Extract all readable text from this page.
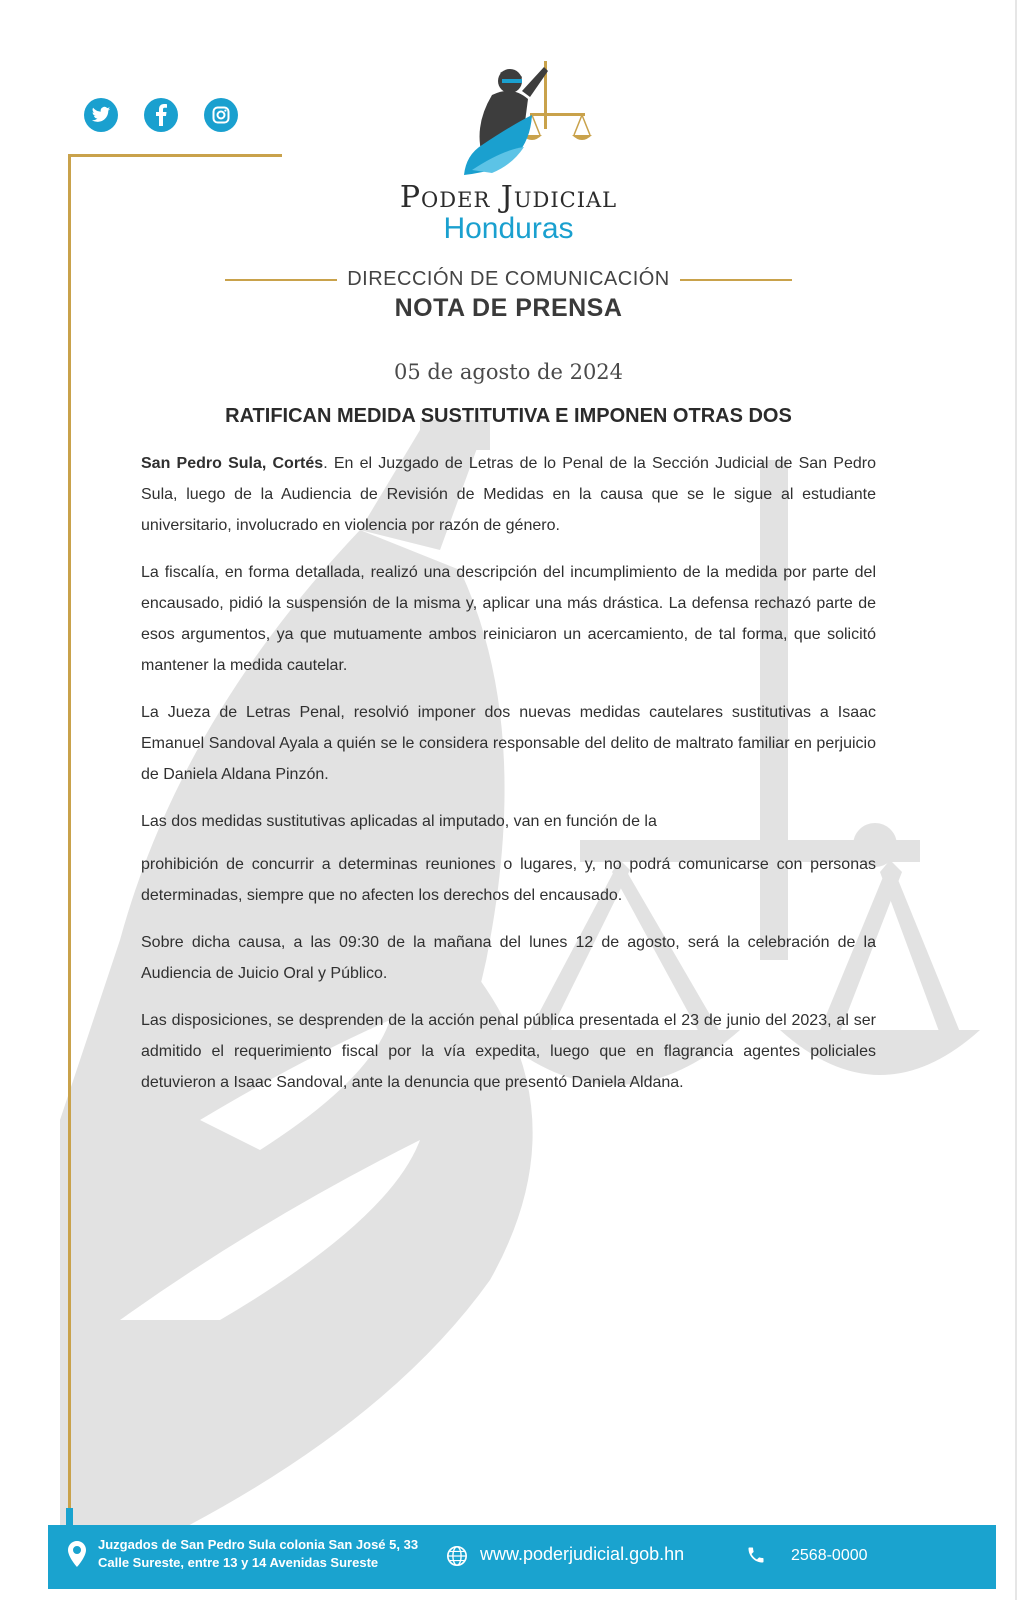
Poder Judicial
Honduras
DIRECCIÓN DE COMUNICACIÓN
NOTA DE PRENSA
05 de agosto de 2024
RATIFICAN MEDIDA SUSTITUTIVA E IMPONEN OTRAS DOS

San Pedro Sula, Cortés. En el Juzgado de Letras de lo Penal de la Sección Judicial de San Pedro Sula, luego de la Audiencia de Revisión de Medidas en la causa que se le sigue al estudiante universitario, involucrado en violencia por razón de género.

La fiscalía, en forma detallada, realizó una descripción del incumplimiento de la medida por parte del encausado, pidió la suspensión de la misma y, aplicar una más drástica. La defensa rechazó parte de esos argumentos, ya que mutuamente ambos reiniciaron un acercamiento, de tal forma, que solicitó mantener la medida cautelar.

La Jueza de Letras Penal, resolvió imponer dos nuevas medidas cautelares sustitutivas a Isaac Emanuel Sandoval Ayala a quién se le considera responsable del delito de maltrato familiar en perjuicio de Daniela Aldana Pinzón.

Las dos medidas sustitutivas aplicadas al imputado, van en función de la

prohibición de concurrir a determinas reuniones o lugares, y, no podrá comunicarse con personas determinadas, siempre que no afecten los derechos del encausado.

Sobre dicha causa, a las 09:30 de la mañana del lunes 12 de agosto, será la celebración de la Audiencia de Juicio Oral y Público.

Las disposiciones, se desprenden de la acción penal pública presentada el 23 de junio del 2023, al ser admitido el requerimiento fiscal por la vía expedita, luego que en flagrancia agentes policiales detuvieron a Isaac Sandoval, ante la denuncia que presentó Daniela Aldana.

Juzgados de San Pedro Sula colonia San José 5, 33
Calle Sureste, entre 13 y 14 Avenidas Sureste	www.poderjudicial.gob.hn	2568-0000
